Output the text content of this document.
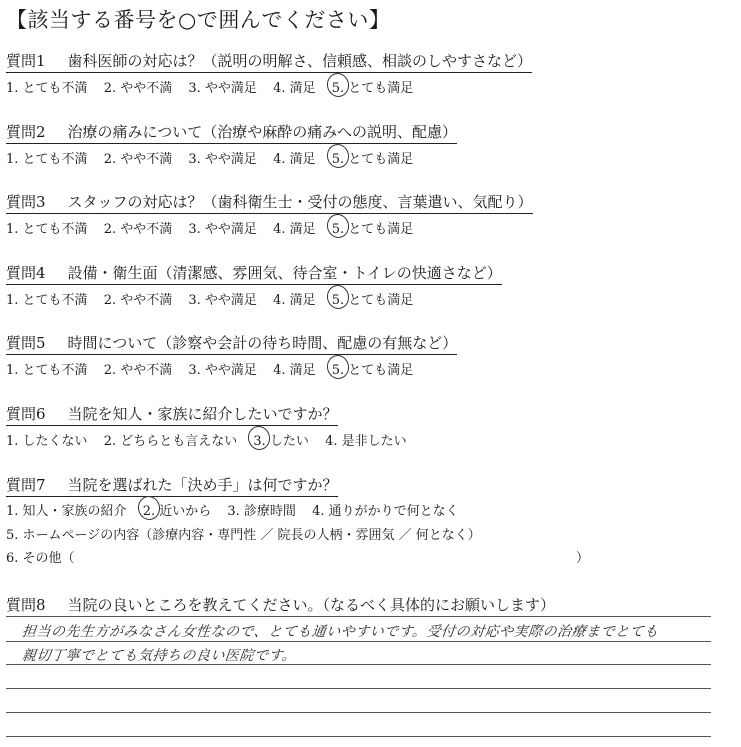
【該当する番号を○で囲んでください】
質問1 歯科医師の対応は？（説明の明解さ、信頼感、相談のしやすさなど）
1. とても不満 2. やや不満 3. やや満足 4. 満足 5. とても満足
質問2 治療の痛みについて（治療や麻酔の痛みへの説明、配慮）
1. とても不満 2. やや不満 3. やや満足 4. 満足 5. とても満足
質問3 スタッフの対応は？（歯科衛生士・受付の態度、言葉遣い、気配り）
1. とても不満 2. やや不満 3. やや満足 4. 満足 5. とても満足
質問4 設備・衛生面（清潔感、雰囲気、待合室・トイレの快適さなど）
1. とても不満 2. やや不満 3. やや満足 4. 満足 5. とても満足
質問5 時間について（診察や会計の待ち時間、配慮の有無など）
1. とても不満 2. やや不満 3. やや満足 4. 満足 5. とても満足
質問6 当院を知人・家族に紹介したいですか？
1. したくない 2. どちらとも言えない 3. したい 4. 是非したい
質問7 当院を選ばれた「決め手」は何ですか？
1. 知人・家族の紹介 2. 近いから 3. 診療時間 4. 通りがかりで何となく
5. ホームページの内容（診療内容・専門性 ／ 院長の人柄・雰囲気 ／ 何となく）
6. その他（	）
質問8 当院の良いところを教えてください。（なるべく具体的にお願いします）
担当の先生方がみなさん女性なので、とても通いやすいです。受付の対応や実際の治療までとても
親切丁寧でとても気持ちの良い医院です。
